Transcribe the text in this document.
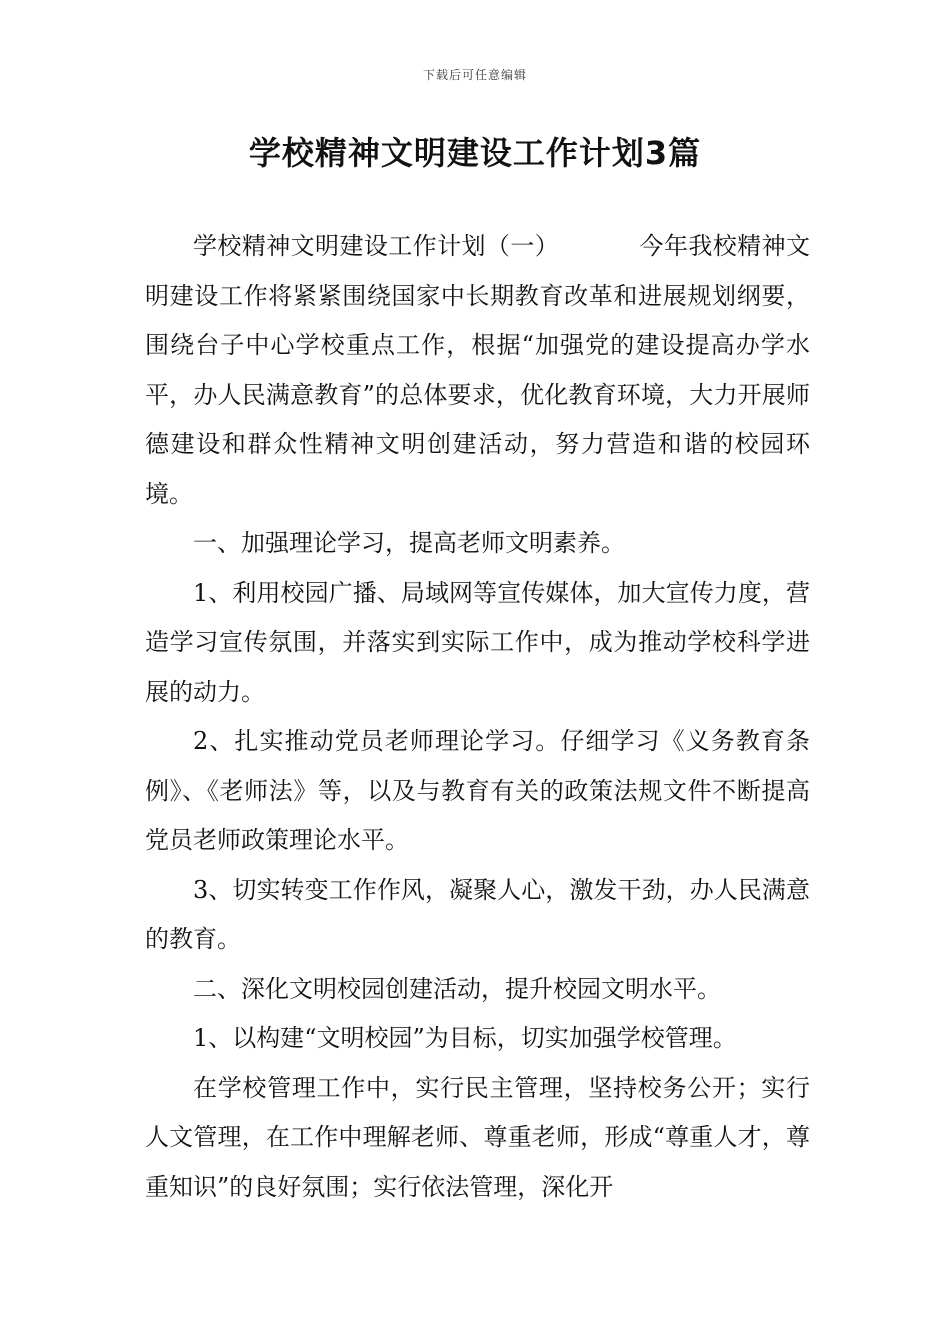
下载后可任意编辑
学校精神文明建设工作计划3篇

学校精神文明建设工作计划（一）	今年我校精神文明建设工作将紧紧围绕国家中长期教育改革和进展规划纲要，围绕台子中心学校重点工作，根据“加强党的建设提高办学水平，办人民满意教育”的总体要求，优化教育环境，大力开展师德建设和群众性精神文明创建活动，努力营造和谐的校园环境。

一、加强理论学习，提高老师文明素养。

1、利用校园广播、局域网等宣传媒体，加大宣传力度，营造学习宣传氛围，并落实到实际工作中，成为推动学校科学进展的动力。

2、扎实推动党员老师理论学习。仔细学习《义务教育条例》、《老师法》等，以及与教育有关的政策法规文件不断提高党员老师政策理论水平。

3、切实转变工作作风，凝聚人心，激发干劲，办人民满意的教育。

二、深化文明校园创建活动，提升校园文明水平。

1、以构建“文明校园”为目标，切实加强学校管理。

在学校管理工作中，实行民主管理，坚持校务公开；实行人文管理，在工作中理解老师、尊重老师，形成“尊重人才，尊重知识”的良好氛围；实行依法管理，深化开
